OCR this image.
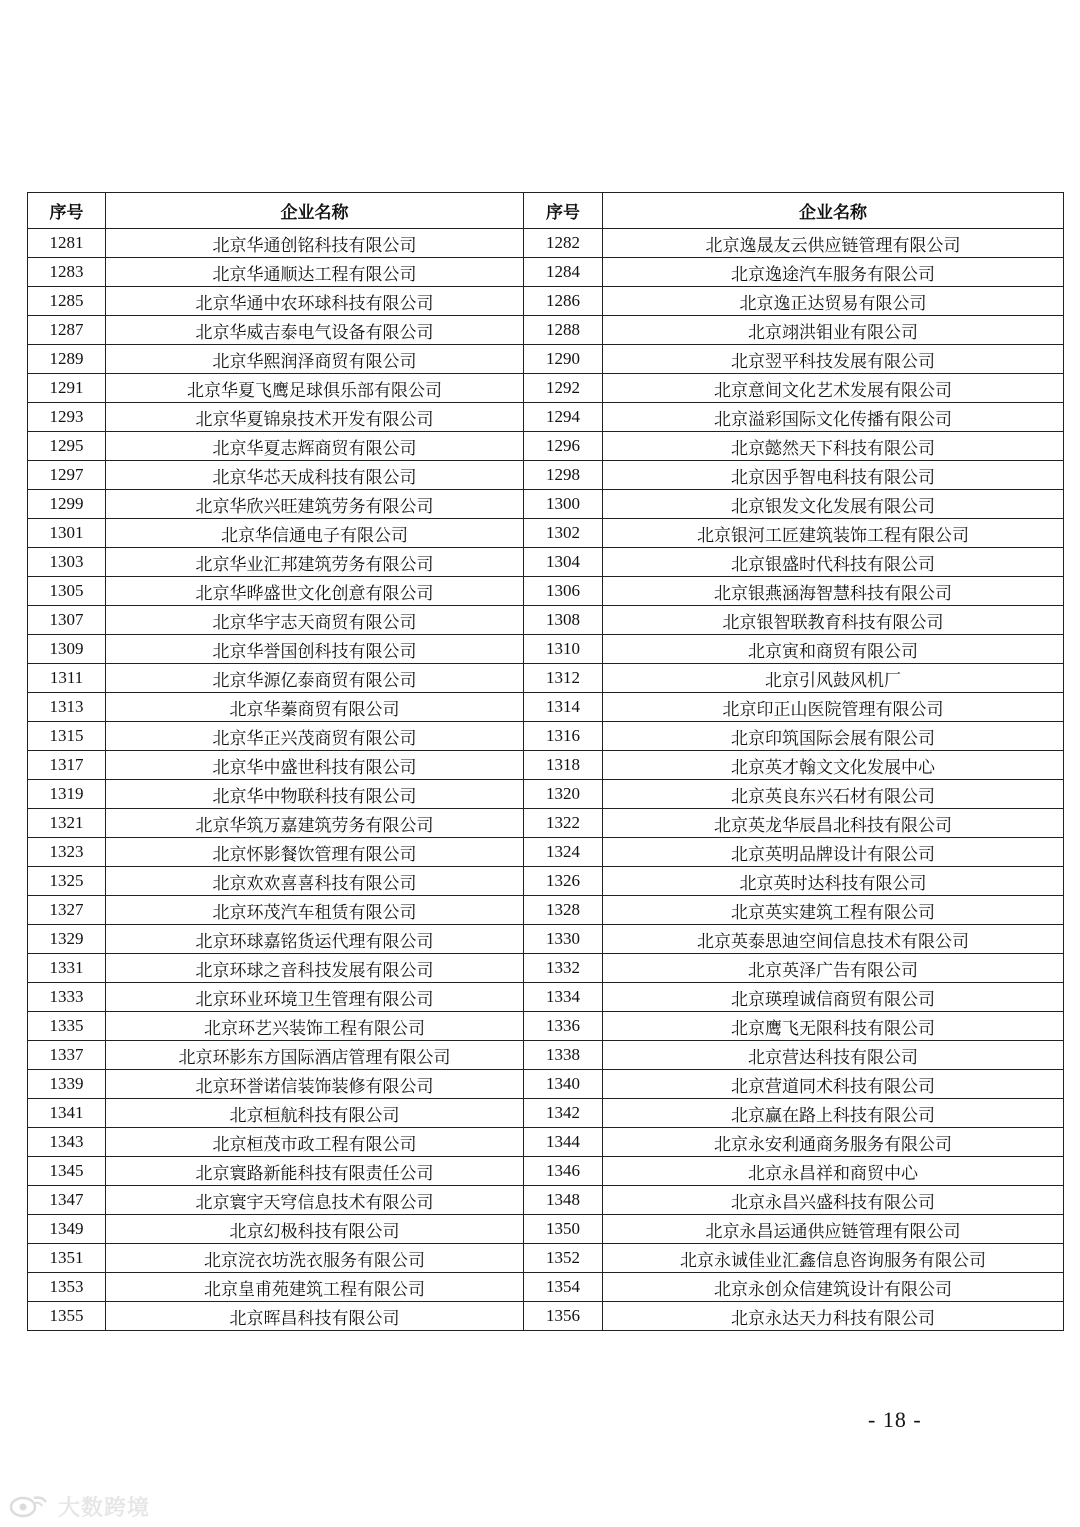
序号	企业名称	序号	企业名称
1281	北京华通创铭科技有限公司	1282	北京逸晟友云供应链管理有限公司
1283	北京华通顺达工程有限公司	1284	北京逸途汽车服务有限公司
1285	北京华通中农环球科技有限公司	1286	北京逸正达贸易有限公司
1287	北京华威吉泰电气设备有限公司	1288	北京翊洪钼业有限公司
1289	北京华熙润泽商贸有限公司	1290	北京翌平科技发展有限公司
1291	北京华夏飞鹰足球俱乐部有限公司	1292	北京意间文化艺术发展有限公司
1293	北京华夏锦泉技术开发有限公司	1294	北京溢彩国际文化传播有限公司
1295	北京华夏志辉商贸有限公司	1296	北京懿然天下科技有限公司
1297	北京华芯天成科技有限公司	1298	北京因乎智电科技有限公司
1299	北京华欣兴旺建筑劳务有限公司	1300	北京银发文化发展有限公司
1301	北京华信通电子有限公司	1302	北京银河工匠建筑装饰工程有限公司
1303	北京华业汇邦建筑劳务有限公司	1304	北京银盛时代科技有限公司
1305	北京华晔盛世文化创意有限公司	1306	北京银燕涵海智慧科技有限公司
1307	北京华宇志天商贸有限公司	1308	北京银智联教育科技有限公司
1309	北京华誉国创科技有限公司	1310	北京寅和商贸有限公司
1311	北京华源亿泰商贸有限公司	1312	北京引风鼓风机厂
1313	北京华蓁商贸有限公司	1314	北京印正山医院管理有限公司
1315	北京华正兴茂商贸有限公司	1316	北京印筑国际会展有限公司
1317	北京华中盛世科技有限公司	1318	北京英才翰文文化发展中心
1319	北京华中物联科技有限公司	1320	北京英良东兴石材有限公司
1321	北京华筑万嘉建筑劳务有限公司	1322	北京英龙华辰昌北科技有限公司
1323	北京怀影餐饮管理有限公司	1324	北京英明品牌设计有限公司
1325	北京欢欢喜喜科技有限公司	1326	北京英时达科技有限公司
1327	北京环茂汽车租赁有限公司	1328	北京英实建筑工程有限公司
1329	北京环球嘉铭货运代理有限公司	1330	北京英泰思迪空间信息技术有限公司
1331	北京环球之音科技发展有限公司	1332	北京英泽广告有限公司
1333	北京环业环境卫生管理有限公司	1334	北京瑛瑝诚信商贸有限公司
1335	北京环艺兴装饰工程有限公司	1336	北京鹰飞无限科技有限公司
1337	北京环影东方国际酒店管理有限公司	1338	北京营达科技有限公司
1339	北京环誉诺信装饰装修有限公司	1340	北京营道同术科技有限公司
1341	北京桓航科技有限公司	1342	北京赢在路上科技有限公司
1343	北京桓茂市政工程有限公司	1344	北京永安利通商务服务有限公司
1345	北京寰路新能科技有限责任公司	1346	北京永昌祥和商贸中心
1347	北京寰宇天穹信息技术有限公司	1348	北京永昌兴盛科技有限公司
1349	北京幻极科技有限公司	1350	北京永昌运通供应链管理有限公司
1351	北京浣衣坊洗衣服务有限公司	1352	北京永诚佳业汇鑫信息咨询服务有限公司
1353	北京皇甫苑建筑工程有限公司	1354	北京永创众信建筑设计有限公司
1355	北京晖昌科技有限公司	1356	北京永达天力科技有限公司
- 18 -
大数跨境
